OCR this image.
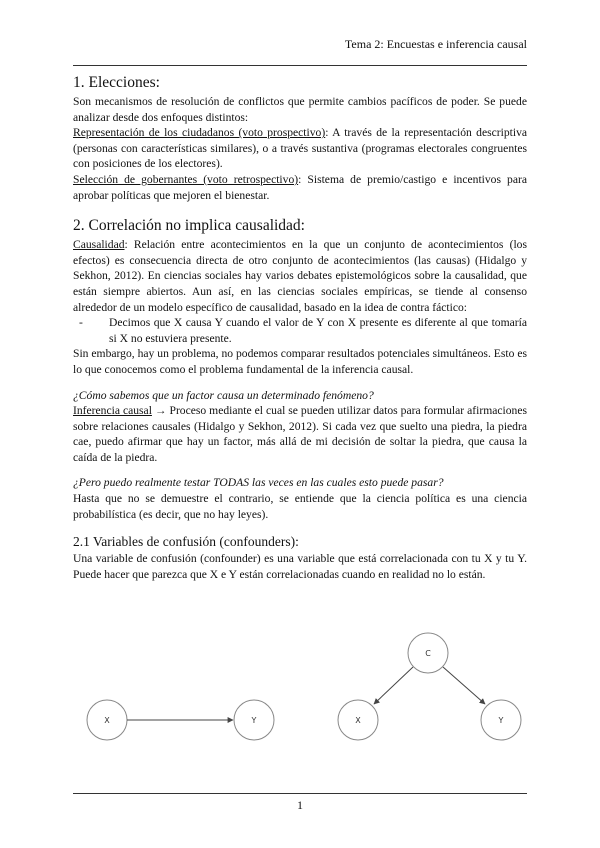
Tema 2: Encuestas e inferencia causal
1. Elecciones:

Son mecanismos de resolución de conflictos que permite cambios pacíficos de poder. Se puede analizar desde dos enfoques distintos:

Representación de los ciudadanos (voto prospectivo): A través de la representación descriptiva (personas con características similares), o a través sustantiva (programas electorales congruentes con posiciones de los electores).

Selección de gobernantes (voto retrospectivo): Sistema de premio/castigo e incentivos para aprobar políticas que mejoren el bienestar.

2. Correlación no implica causalidad:

Causalidad: Relación entre acontecimientos en la que un conjunto de acontecimientos (los efectos) es consecuencia directa de otro conjunto de acontecimientos (las causas) (Hidalgo y Sekhon, 2012). En ciencias sociales hay varios debates epistemológicos sobre la causalidad, que están siempre abiertos. Aun así, en las ciencias sociales empíricas, se tiende al consenso alrededor de un modelo específico de causalidad, basado en la idea de contra fáctico:

- Decimos que X causa Y cuando el valor de Y con X presente es diferente al que tomaría si X no estuviera presente.

Sin embargo, hay un problema, no podemos comparar resultados potenciales simultáneos. Esto es lo que conocemos como el problema fundamental de la inferencia causal.

¿Cómo sabemos que un factor causa un determinado fenómeno?

Inferencia causal → Proceso mediante el cual se pueden utilizar datos para formular afirmaciones sobre relaciones causales (Hidalgo y Sekhon, 2012). Si cada vez que suelto una piedra, la piedra cae, puedo afirmar que hay un factor, más allá de mi decisión de soltar la piedra, que causa la caída de la piedra.

¿Pero puedo realmente testar TODAS las veces en las cuales esto puede pasar?

Hasta que no se demuestre el contrario, se entiende que la ciencia política es una ciencia probabilística (es decir, que no hay leyes).

2.1 Variables de confusión (confounders):

Una variable de confusión (confounder) es una variable que está correlacionada con tu X y tu Y. Puede hacer que parezca que X e Y están correlacionadas cuando en realidad no lo están.

X	Y
C
X	Y
1
